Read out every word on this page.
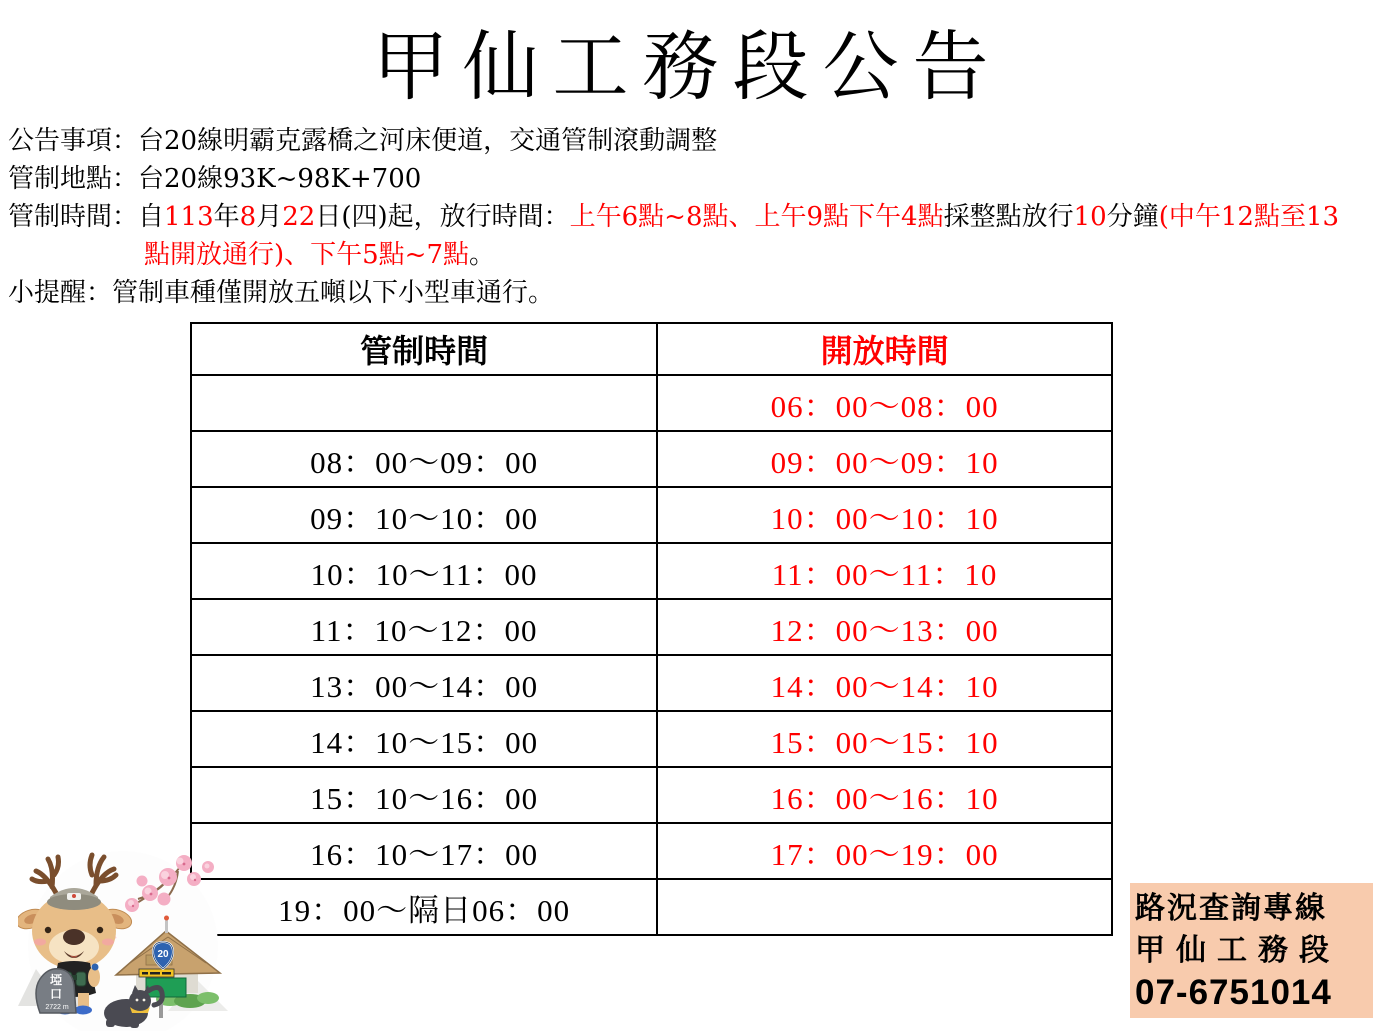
甲仙工務段公告
公告事項：台20線明霸克露橋之河床便道，交通管制滾動調整
管制地點：台20線93K~98K+700
管制時間：自113年8月22日(四)起，放行時間：上午6點~8點、上午9點下午4點採整點放行10分鐘(中午12點至13
點開放通行)、下午5點~7點。
小提醒：管制車種僅開放五噸以下小型車通行。
管制時間	開放時間
	06：00～08：00
08：00～09：00	09：00～09：10
09：10～10：00	10：00～10：10
10：10～11：00	11：00～11：10
11：10～12：00	12：00～13：00
13：00～14：00	14：00～14：10
14：10～15：00	15：00～15：10
15：10～16：00	16：00～16：10
16：10～17：00	17：00～19：00
19：00～隔日06：00		路況查詢專線
甲仙工務段
07-6751014
20
埡口
2722 m
